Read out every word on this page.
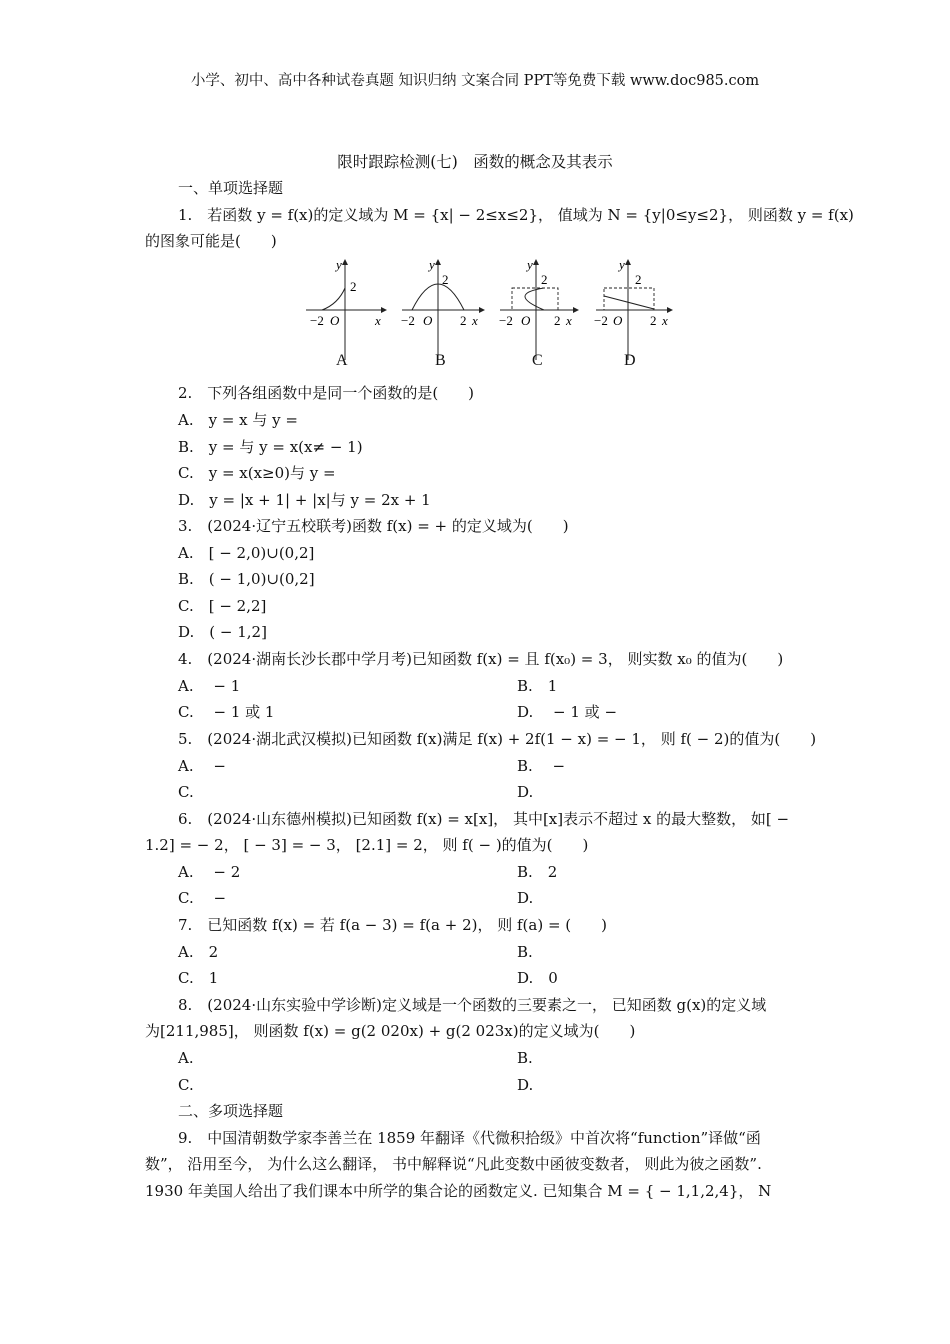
小学、初中、高中各种试卷真题 知识归纳 文案合同 PPT等免费下载 www.doc985.com
限时跟踪检测(七)　函数的概念及其表示
一、单项选择题
1.　若函数 y = f(x)的定义域为 M = {x| − 2≤x≤2}， 值域为 N = {y|0≤y≤2}， 则函数 y = f(x)
的图象可能是(　　)
y
2
−2 O	x
y
2
−2 O 2 x
y
2
−2 O 2 x
y
2
−2 O 2 x
A	B	C	D
2.　下列各组函数中是同一个函数的是(　　)
A.　y = x 与 y =
B.　y = 与 y = x(x≠ − 1)
C.　y = x(x≥0)与 y =
D.　y = |x + 1| + |x|与 y = 2x + 1
3.　(2024·辽宁五校联考)函数 f(x) = + 的定义域为(　　)
A.　[ − 2,0)∪(0,2]
B.　( − 1,0)∪(0,2]
C.　[ − 2,2]
D.　( − 1,2]
4.　(2024·湖南长沙长郡中学月考)已知函数 f(x) = 且 f(x₀) = 3， 则实数 x₀ 的值为(　　)
A.　 − 1	B.　1
C.　 − 1 或 1	D.　 − 1 或 −
5.　(2024·湖北武汉模拟)已知函数 f(x)满足 f(x) + 2f(1 − x) = − 1， 则 f( − 2)的值为(　　)
A.　 −	B.　 −
C.	D.
6.　(2024·山东德州模拟)已知函数 f(x) = x[x]， 其中[x]表示不超过 x 的最大整数， 如[ −
1.2] = − 2， [ − 3] = − 3， [2.1] = 2， 则 f( − )的值为(　　)
A.　 − 2	B.　2
C.　 −	D.
7.　已知函数 f(x) = 若 f(a − 3) = f(a + 2)， 则 f(a) = (　　)
A.　2	B.
C.　1	D.　0
8.　(2024·山东实验中学诊断)定义域是一个函数的三要素之一， 已知函数 g(x)的定义域
为[211,985]， 则函数 f(x) = g(2 020x) + g(2 023x)的定义域为(　　)
A.	B.
C.	D.
二、多项选择题
9.　中国清朝数学家李善兰在 1859 年翻译《代微积拾级》中首次将“function”译做“函
数”， 沿用至今， 为什么这么翻译， 书中解释说“凡此变数中函彼变数者， 则此为彼之函数”.
1930 年美国人给出了我们课本中所学的集合论的函数定义. 已知集合 M = { − 1,1,2,4}， N
